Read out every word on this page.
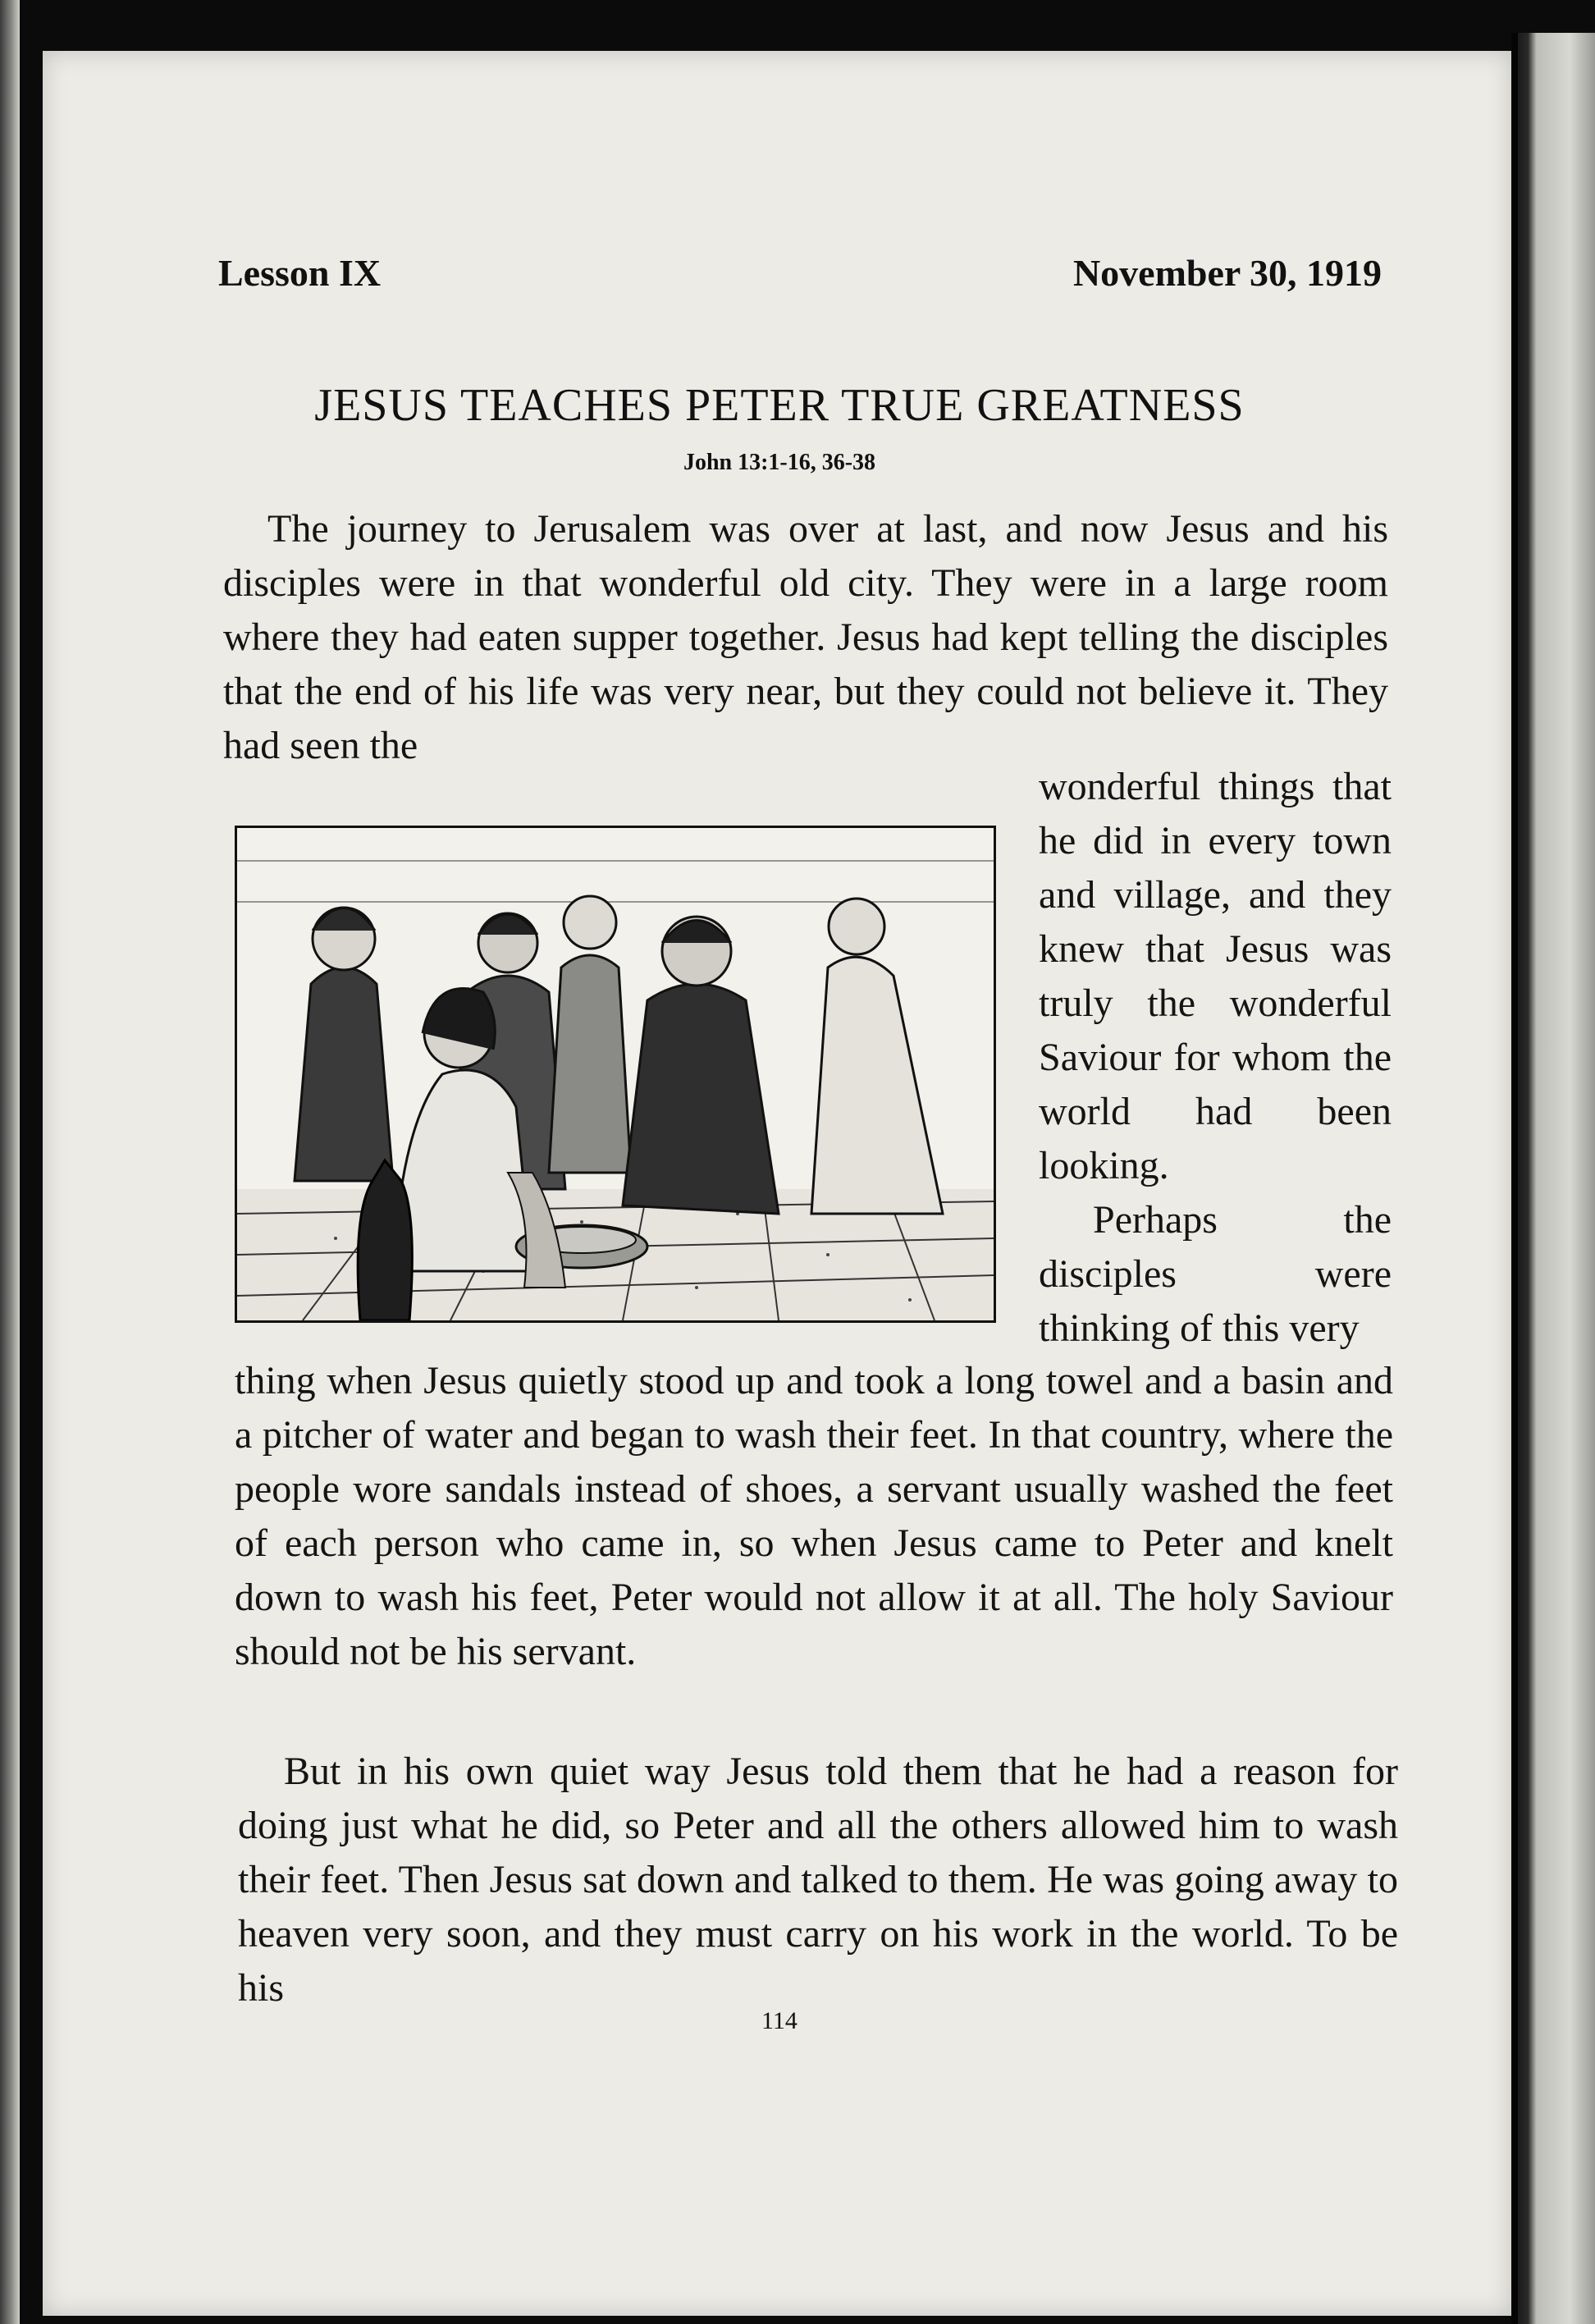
Lesson IX	November 30, 1919
JESUS TEACHES PETER TRUE GREATNESS
John 13:1-16, 36-38

The journey to Jerusalem was over at last, and now Jesus and his disciples were in that wonderful old city. They were in a large room where they had eaten supper together. Jesus had kept telling the disciples that the end of his life was very near, but they could not believe it. They had seen the

wonderful things that he did in every town and village, and they knew that Jesus was truly the wonderful Saviour for whom the world had been looking.

Perhaps the disciples were thinking of this very

thing when Jesus quietly stood up and took a long towel and a basin and a pitcher of water and began to wash their feet. In that country, where the people wore sandals instead of shoes, a servant usually washed the feet of each person who came in, so when Jesus came to Peter and knelt down to wash his feet, Peter would not allow it at all. The holy Saviour should not be his servant.

But in his own quiet way Jesus told them that he had a reason for doing just what he did, so Peter and all the others allowed him to wash their feet. Then Jesus sat down and talked to them. He was going away to heaven very soon, and they must carry on his work in the world. To be his

114
